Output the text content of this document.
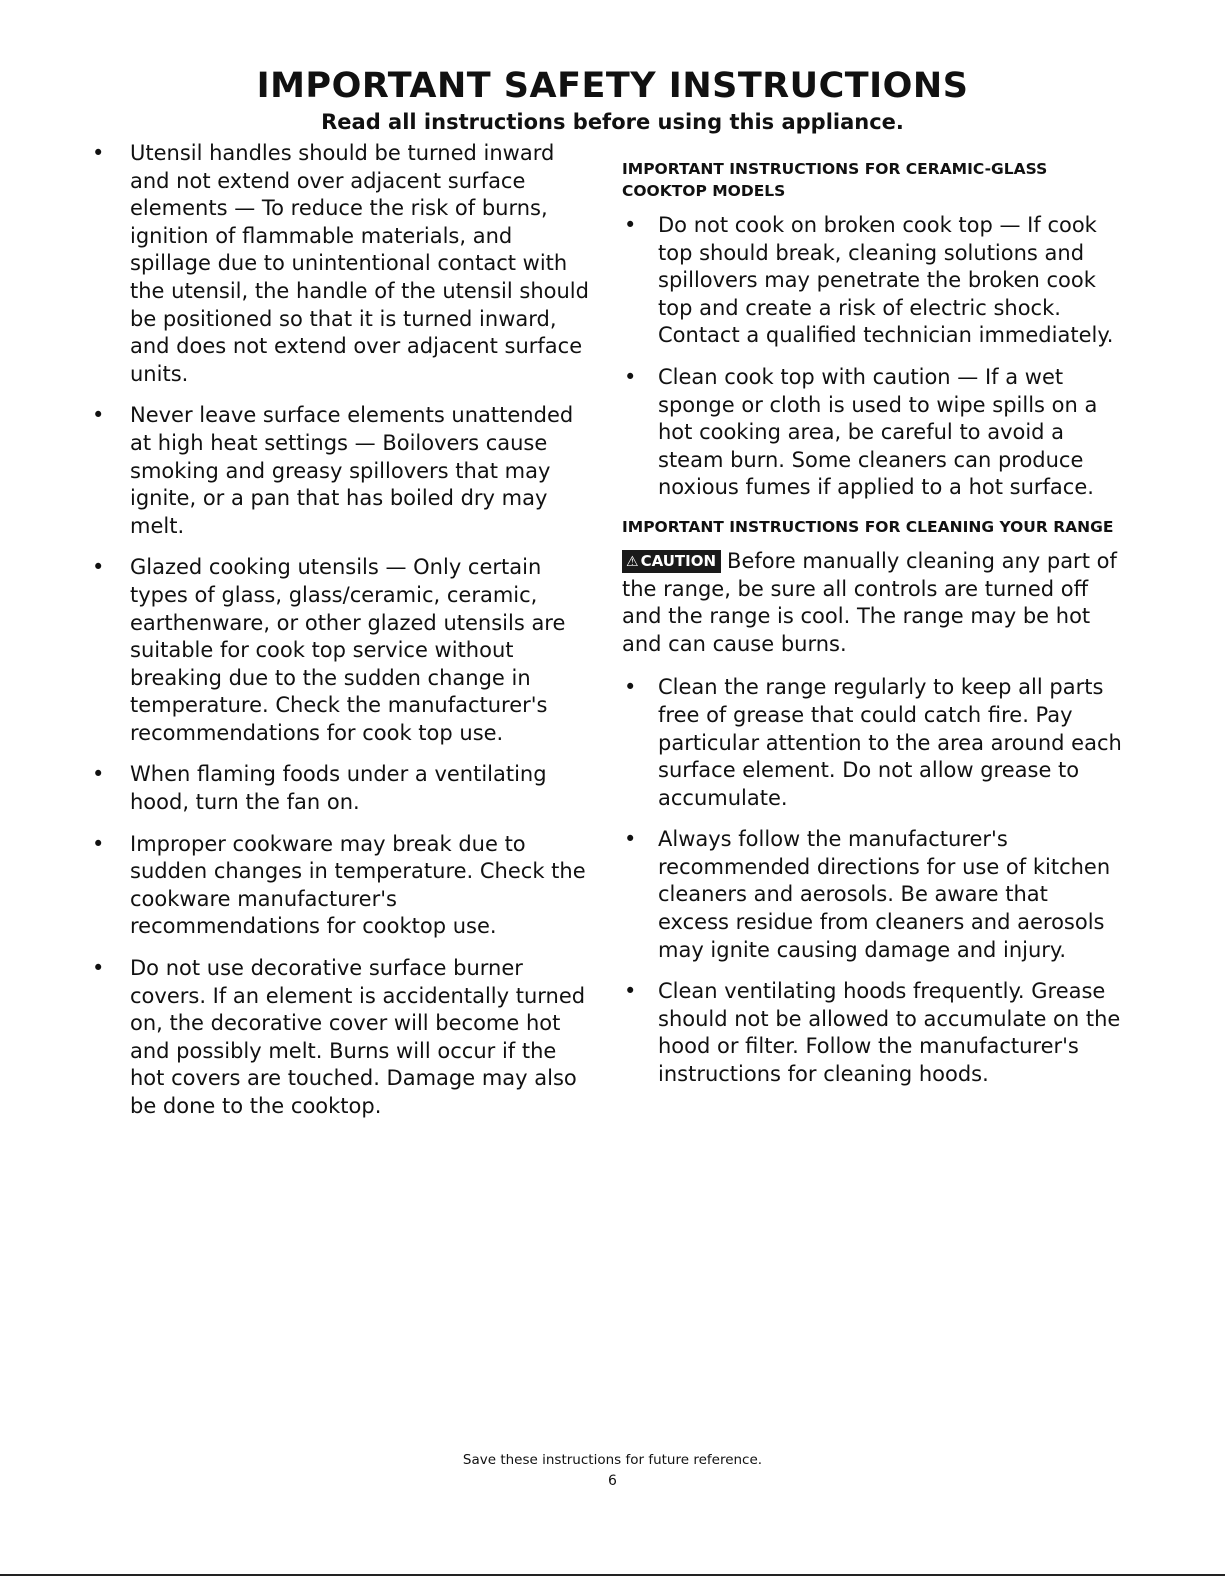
IMPORTANT SAFETY INSTRUCTIONS
Read all instructions before using this appliance.
• Utensil handles should be turned inward and not extend over adjacent surface elements — To reduce the risk of burns, ignition of flammable materials, and spillage due to unintentional contact with the utensil, the handle of the utensil should be positioned so that it is turned inward, and does not extend over adjacent surface units.
• Never leave surface elements unattended at high heat settings — Boilovers cause smoking and greasy spillovers that may ignite, or a pan that has boiled dry may melt.
• Glazed cooking utensils — Only certain types of glass, glass/ceramic, ceramic, earthenware, or other glazed utensils are suitable for cook top service without breaking due to the sudden change in temperature. Check the manufacturer's recommendations for cook top use.
• When flaming foods under a ventilating hood, turn the fan on.
• Improper cookware may break due to sudden changes in temperature. Check the cookware manufacturer's recommendations for cooktop use.
• Do not use decorative surface burner covers. If an element is accidentally turned on, the decorative cover will become hot and possibly melt. Burns will occur if the hot covers are touched. Damage may also be done to the cooktop.
IMPORTANT INSTRUCTIONS FOR CERAMIC-GLASS COOKTOP MODELS
• Do not cook on broken cook top — If cook top should break, cleaning solutions and spillovers may penetrate the broken cook top and create a risk of electric shock. Contact a qualified technician immediately.
• Clean cook top with caution — If a wet sponge or cloth is used to wipe spills on a hot cooking area, be careful to avoid a steam burn. Some cleaners can produce noxious fumes if applied to a hot surface.
IMPORTANT INSTRUCTIONS FOR CLEANING YOUR RANGE
⚠ CAUTION Before manually cleaning any part of the range, be sure all controls are turned off and the range is cool. The range may be hot and can cause burns.
• Clean the range regularly to keep all parts free of grease that could catch fire. Pay particular attention to the area around each surface element. Do not allow grease to accumulate.
• Always follow the manufacturer's recommended directions for use of kitchen cleaners and aerosols. Be aware that excess residue from cleaners and aerosols may ignite causing damage and injury.
• Clean ventilating hoods frequently. Grease should not be allowed to accumulate on the hood or filter. Follow the manufacturer's instructions for cleaning hoods.
Save these instructions for future reference.
6
